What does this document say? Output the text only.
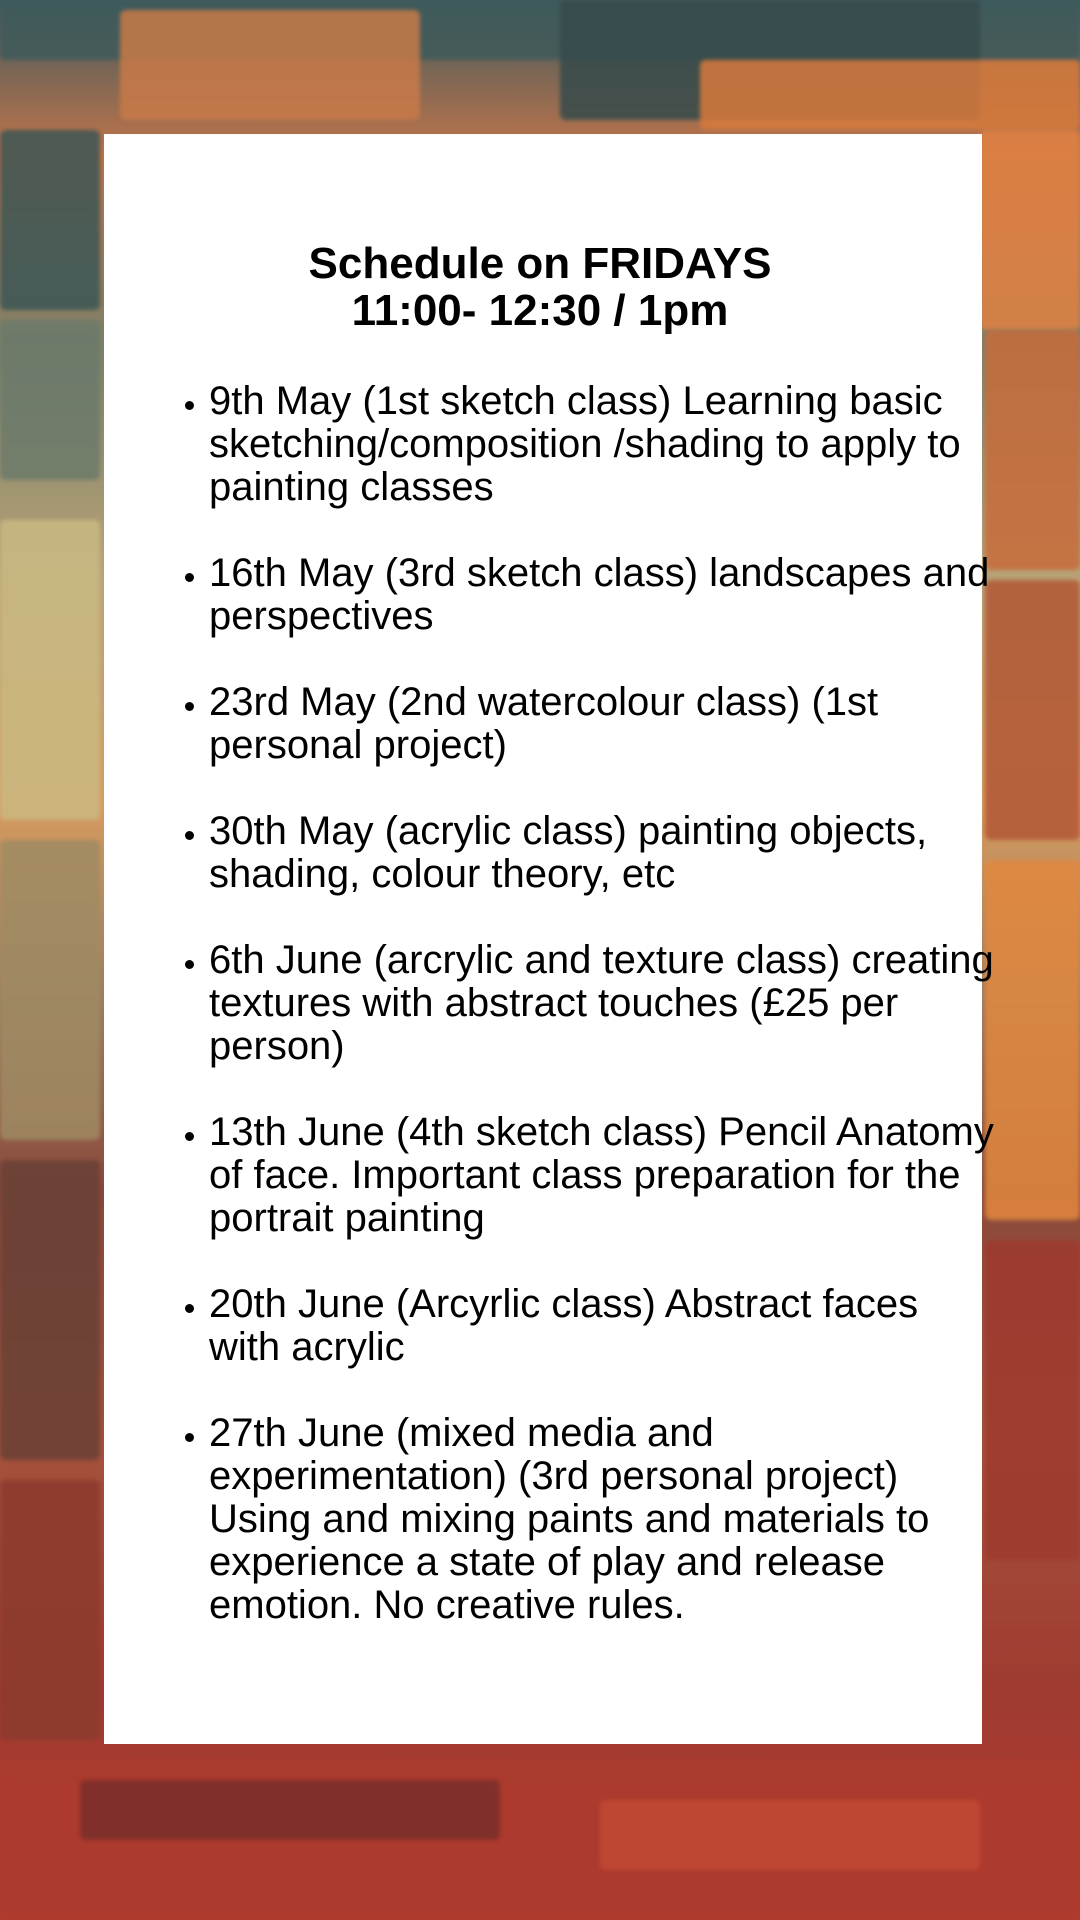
Schedule on FRIDAYS
11:00- 12:30 / 1pm
• 9th May (1st sketch class) Learning basic sketching/composition /shading to apply to painting classes
• 16th May (3rd sketch class) landscapes and perspectives
• 23rd May (2nd watercolour class) (1st personal project)
• 30th May (acrylic class) painting objects, shading, colour theory, etc
• 6th June (arcrylic and texture class) creating textures with abstract touches (£25 per person)
• 13th June (4th sketch class) Pencil Anatomy of face. Important class preparation for the portrait painting
• 20th June (Arcyrlic class) Abstract faces with acrylic
• 27th June (mixed media and experimentation) (3rd personal project) Using and mixing paints and materials to experience a state of play and release emotion. No creative rules.
